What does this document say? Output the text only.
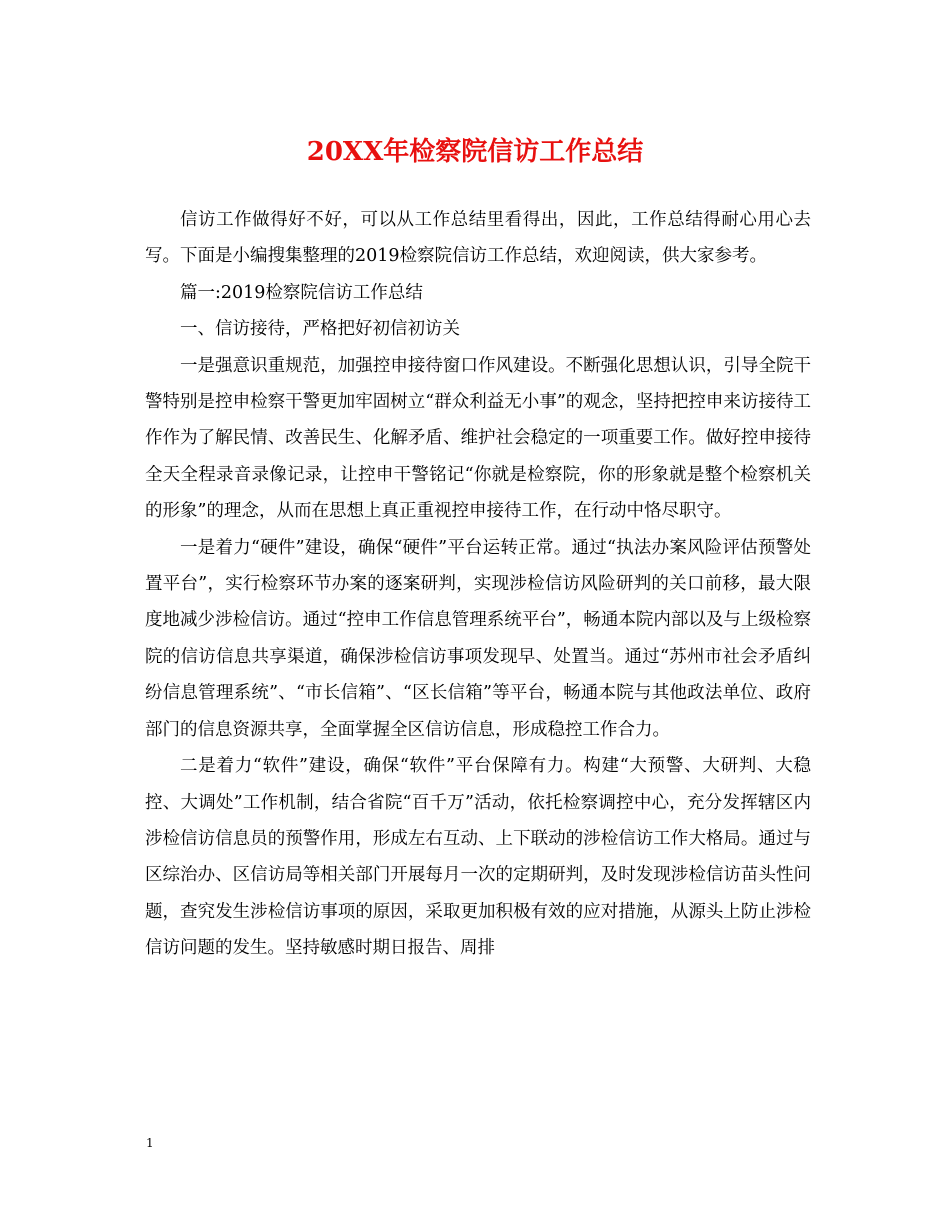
20XX年检察院信访工作总结

信访工作做得好不好，可以从工作总结里看得出，因此，工作总结得耐心用心去写。下面是小编搜集整理的2019检察院信访工作总结，欢迎阅读，供大家参考。

篇一:2019检察院信访工作总结

一、信访接待，严格把好初信初访关

一是强意识重规范，加强控申接待窗口作风建设。不断强化思想认识，引导全院干警特别是控申检察干警更加牢固树立“群众利益无小事”的观念，坚持把控申来访接待工作作为了解民情、改善民生、化解矛盾、维护社会稳定的一项重要工作。做好控申接待全天全程录音录像记录，让控申干警铭记“你就是检察院，你的形象就是整个检察机关的形象”的理念，从而在思想上真正重视控申接待工作，在行动中恪尽职守。

一是着力“硬件”建设，确保“硬件”平台运转正常。通过“执法办案风险评估预警处置平台”，实行检察环节办案的逐案研判，实现涉检信访风险研判的关口前移，最大限度地减少涉检信访。通过“控申工作信息管理系统平台”，畅通本院内部以及与上级检察院的信访信息共享渠道，确保涉检信访事项发现早、处置当。通过“苏州市社会矛盾纠纷信息管理系统”、“市长信箱”、“区长信箱”等平台，畅通本院与其他政法单位、政府部门的信息资源共享，全面掌握全区信访信息，形成稳控工作合力。

二是着力“软件”建设，确保“软件”平台保障有力。构建“大预警、大研判、大稳控、大调处”工作机制，结合省院“百千万”活动，依托检察调控中心，充分发挥辖区内涉检信访信息员的预警作用，形成左右互动、上下联动的涉检信访工作大格局。通过与区综治办、区信访局等相关部门开展每月一次的定期研判，及时发现涉检信访苗头性问题，查究发生涉检信访事项的原因，采取更加积极有效的应对措施，从源头上防止涉检信访问题的发生。坚持敏感时期日报告、周排

1
